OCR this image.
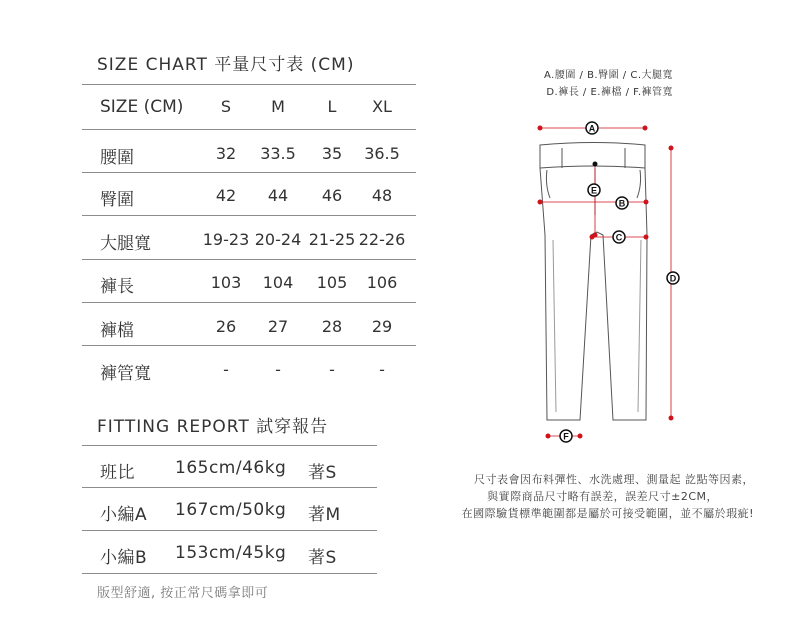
SIZE CHART 平量尺寸表 (CM)
SIZE (CM)	S	M	L	XL
腰圍	32	33.5	35	36.5
臀圍	42	44	46	48
大腿寬	19-23 20-24 21-25 22-26
褲長	103	104	105	106
褲檔	26	27	28	29
褲管寬	-	-	-	-
FITTING REPORT 試穿報告
班比 165cm/46kg 著S
小編A 167cm/50kg 著M
小編B 153cm/45kg 著S
版型舒適, 按正常尺碼拿即可
A.腰圍 / B.臀圍 / C.大腿寬
D.褲長 / E.褲檔 / F.褲管寬
A
E
B
C
D
F
尺寸表會因布料彈性、水洗處理、測量起 訖點等因素，
與實際商品尺寸略有誤差，誤差尺寸±2CM，
在國際驗貨標準範圍都是屬於可接受範圍，並不屬於瑕疵!
